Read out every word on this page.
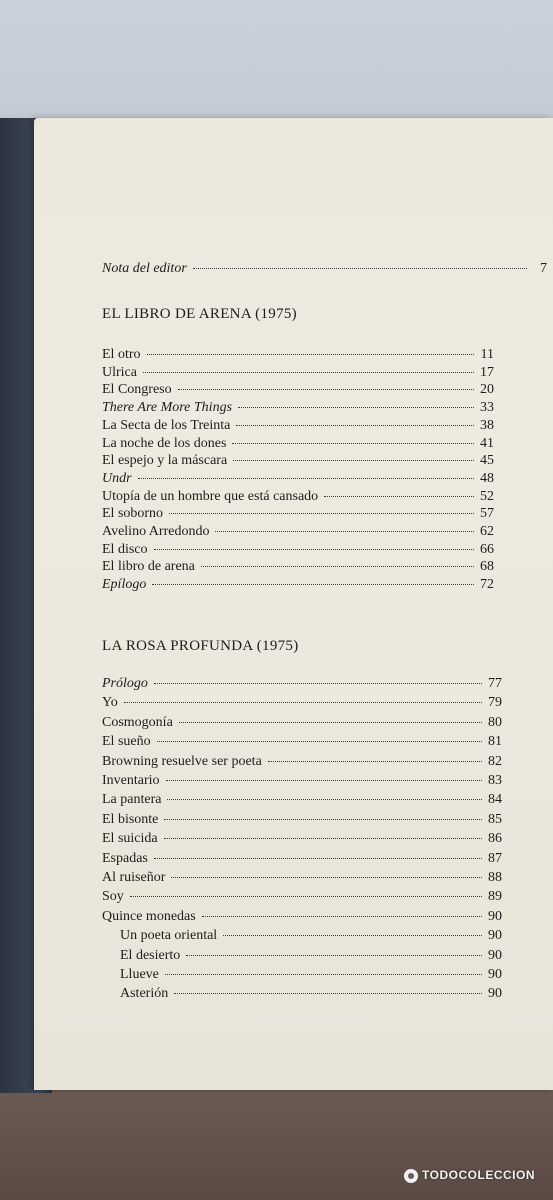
Nota del editor	7
EL LIBRO DE ARENA (1975)
El otro	11
Ulrica	17
El Congreso	20
There Are More Things	33
La Secta de los Treinta	38
La noche de los dones	41
El espejo y la máscara	45
Undr	48
Utopía de un hombre que está cansado	52
El soborno	57
Avelino Arredondo	62
El disco	66
El libro de arena	68
Epílogo	72
LA ROSA PROFUNDA (1975)
Prólogo	77
Yo	79
Cosmogonía	80
El sueño	81
Browning resuelve ser poeta	82
Inventario	83
La pantera	84
El bisonte	85
El suicida	86
Espadas	87
Al ruiseñor	88
Soy	89
Quince monedas	90
Un poeta oriental	90
El desierto	90
Llueve	90
Asterión	90
TODOCOLECCION
